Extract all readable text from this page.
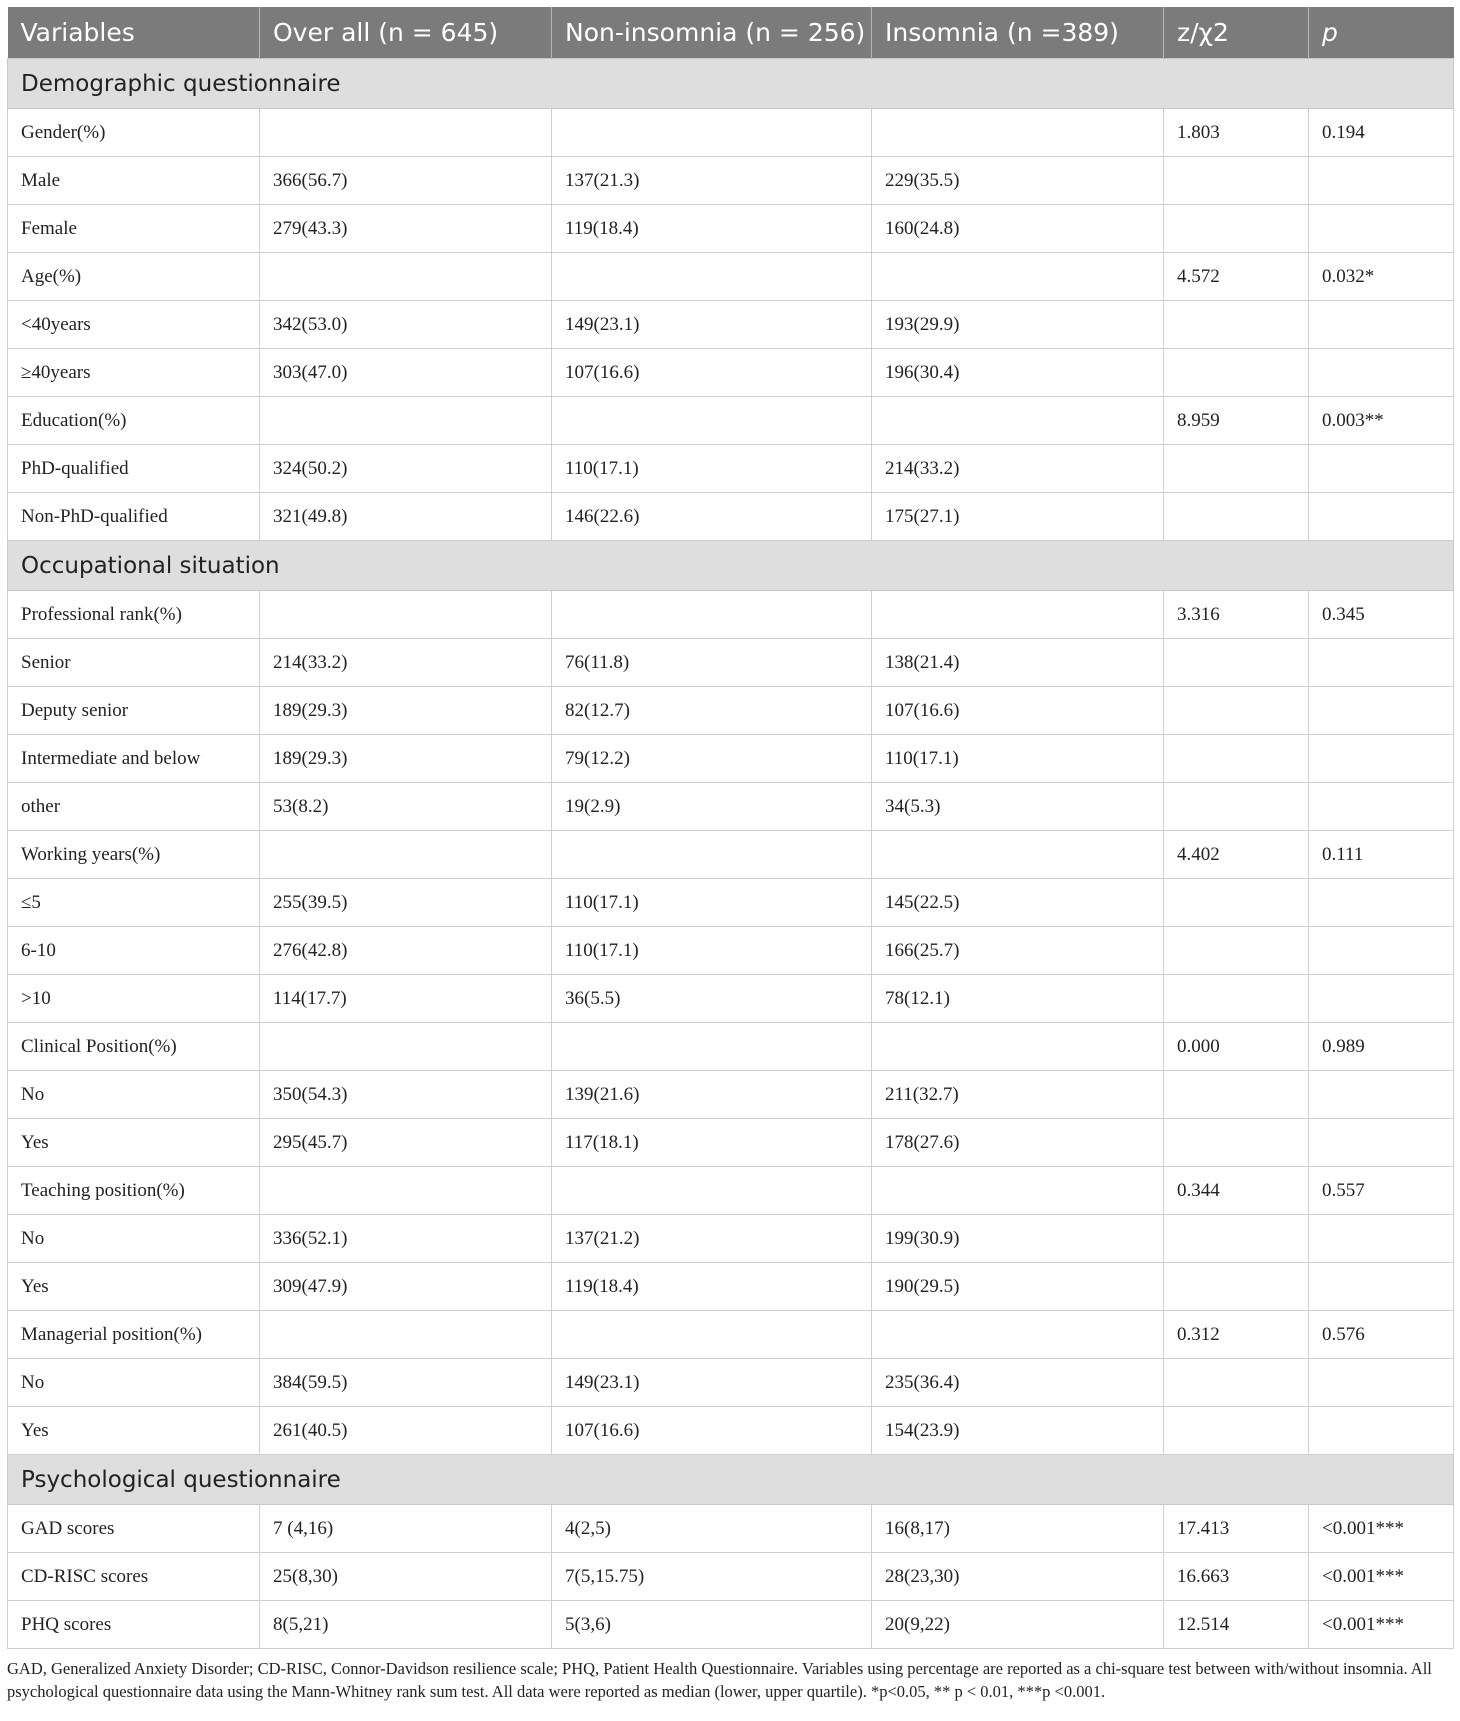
Variables	Over all (n = 645)	Non-insomnia (n = 256)	Insomnia (n =389)	z/χ2	p
Demographic questionnaire					
Gender(%)				1.803	0.194
Male	366(56.7)	137(21.3)	229(35.5)		
Female	279(43.3)	119(18.4)	160(24.8)		
Age(%)				4.572	0.032*
<40years	342(53.0)	149(23.1)	193(29.9)		
≥40years	303(47.0)	107(16.6)	196(30.4)		
Education(%)				8.959	0.003**
PhD-qualified	324(50.2)	110(17.1)	214(33.2)		
Non-PhD-qualified	321(49.8)	146(22.6)	175(27.1)		
Occupational situation					
Professional rank(%)				3.316	0.345
Senior	214(33.2)	76(11.8)	138(21.4)		
Deputy senior	189(29.3)	82(12.7)	107(16.6)		
Intermediate and below	189(29.3)	79(12.2)	110(17.1)		
other	53(8.2)	19(2.9)	34(5.3)		
Working years(%)				4.402	0.111
≤5	255(39.5)	110(17.1)	145(22.5)		
6-10	276(42.8)	110(17.1)	166(25.7)		
>10	114(17.7)	36(5.5)	78(12.1)		
Clinical Position(%)				0.000	0.989
No	350(54.3)	139(21.6)	211(32.7)		
Yes	295(45.7)	117(18.1)	178(27.6)		
Teaching position(%)				0.344	0.557
No	336(52.1)	137(21.2)	199(30.9)		
Yes	309(47.9)	119(18.4)	190(29.5)		
Managerial position(%)				0.312	0.576
No	384(59.5)	149(23.1)	235(36.4)		
Yes	261(40.5)	107(16.6)	154(23.9)		
Psychological questionnaire					
GAD scores	7 (4,16)	4(2,5)	16(8,17)	17.413	<0.001***
CD-RISC scores	25(8,30)	7(5,15.75)	28(23,30)	16.663	<0.001***
PHQ scores	8(5,21)	5(3,6)	20(9,22)	12.514	<0.001***
GAD, Generalized Anxiety Disorder; CD-RISC, Connor-Davidson resilience scale; PHQ, Patient Health Questionnaire. Variables using percentage are reported as a chi-square test between with/without insomnia. All psychological questionnaire data using the Mann-Whitney rank sum test. All data were reported as median (lower, upper quartile). *p<0.05, ** p < 0.01, ***p <0.001.
